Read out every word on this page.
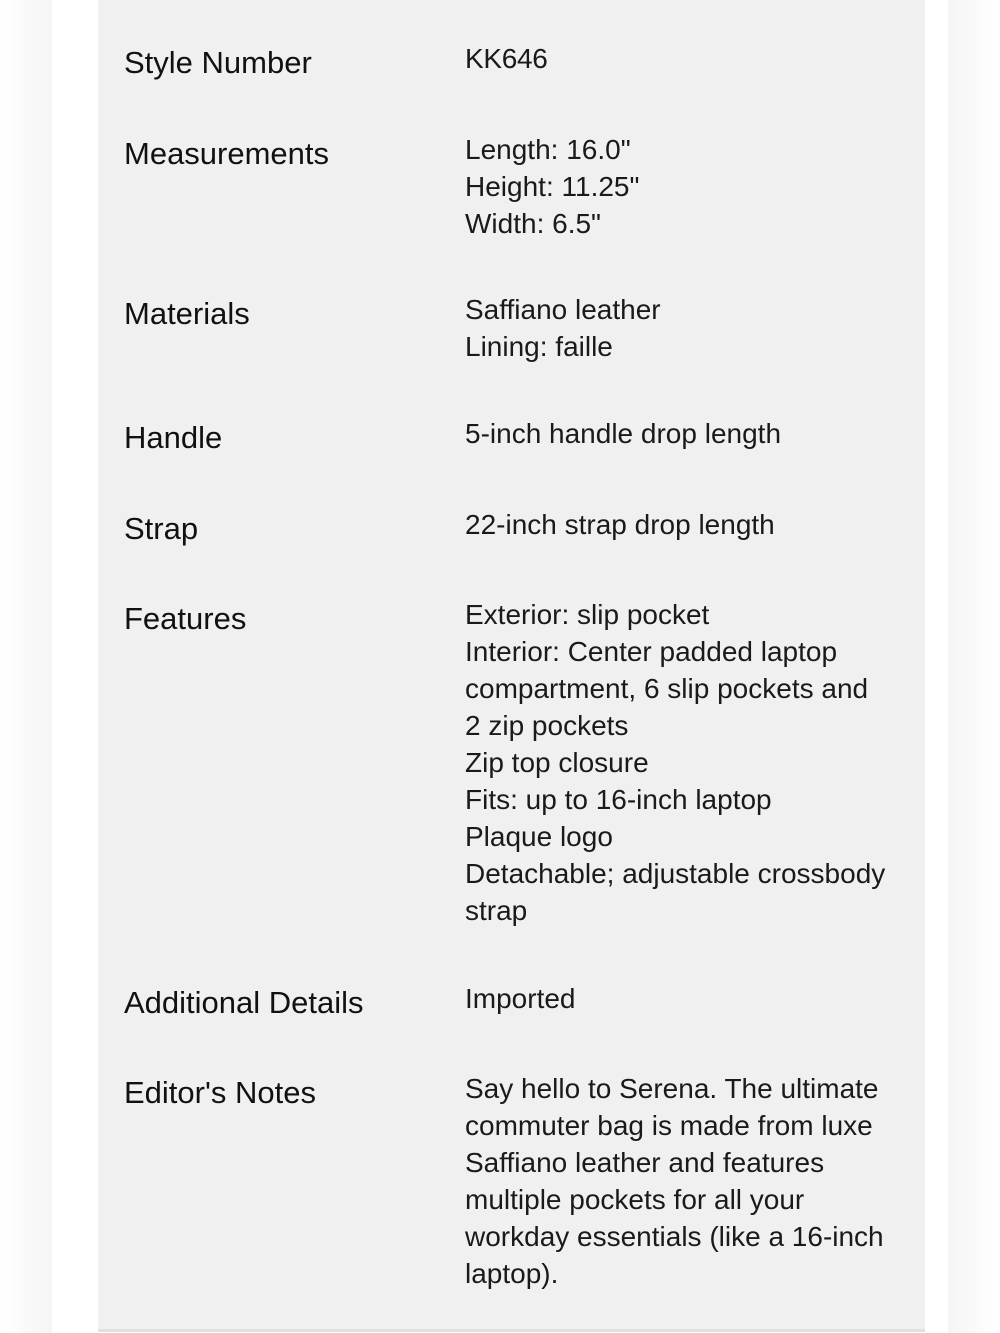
Style Number	KK646
Measurements	Length: 16.0"
Height: 11.25"
Width: 6.5"
Materials	Saffiano leather
Lining: faille
Handle	5-inch handle drop length
Strap	22-inch strap drop length
Features	Exterior: slip pocket
Interior: Center padded laptop
compartment, 6 slip pockets and
2 zip pockets
Zip top closure
Fits: up to 16-inch laptop
Plaque logo
Detachable; adjustable crossbody
strap
Additional Details	Imported
Editor's Notes	Say hello to Serena. The ultimate commuter bag is made from luxe Saffiano leather and features multiple pockets for all your workday essentials (like a 16-inch laptop).
